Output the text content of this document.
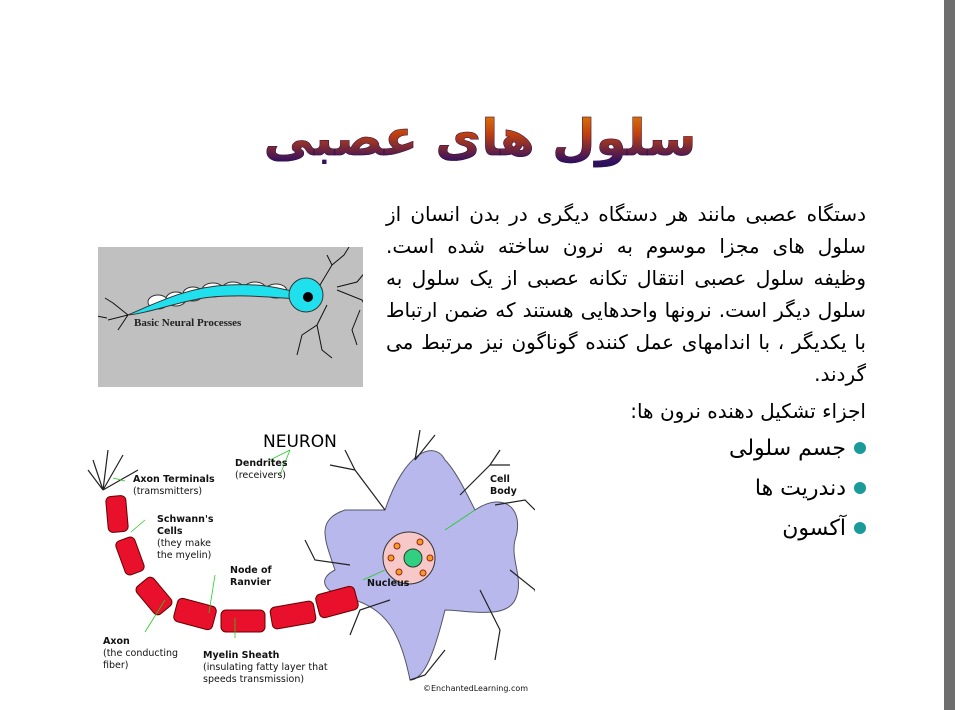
سلول های عصبی
دستگاه عصبی مانند هر دستگاه دیگری در بدن انسان از سلول های مجزا موسوم به نرون ساخته شده است. وظیفه سلول عصبی انتقال تکانه عصبی از یک سلول به سلول دیگر است. نرونها واحدهایی هستند که ضمن ارتباط با یکدیگر ، با اندامهای عمل کننده گوناگون نیز مرتبط می گردند.
اجزاء تشکیل دهنده نرون ها:
جسم سلولی
دندریت ها
آکسون
Basic Neural Processes
NEURON
Axon Terminals
(tramsmitters)
Dendrites
(receivers)	Cell
Body
Schwann's
Cells
(they make
the myelin)
Node of
Ranvier	Nucleus
Axon
(the conducting
fiber)
Myelin Sheath
(insulating fatty layer that
speeds transmission)
©EnchantedLearning.com
